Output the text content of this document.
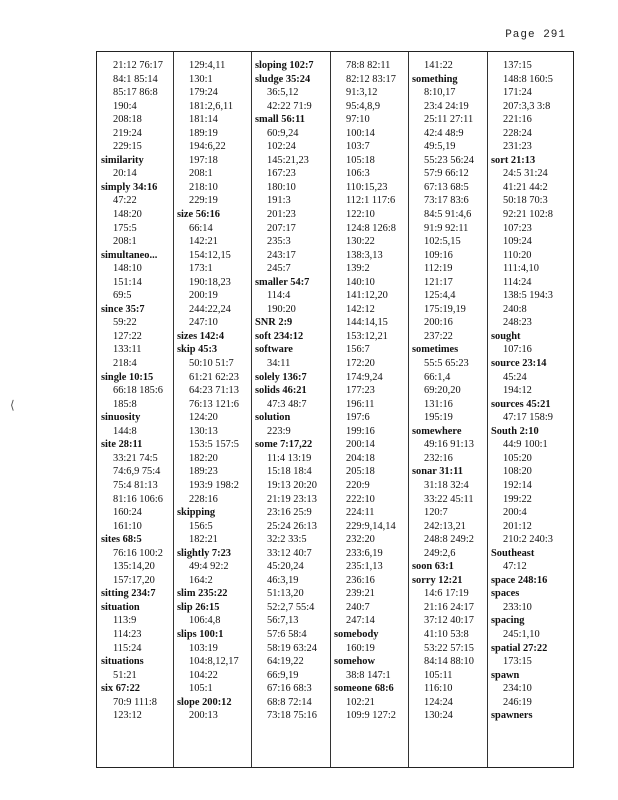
Page 291
⟨
21:12 76:17
84:1 85:14
85:17 86:8
190:4
208:18
219:24
229:15
similarity
20:14
simply 34:16
47:22
148:20
175:5
208:1
simultaneo...
148:10
151:14
69:5
since 35:7
59:22
127:22
133:11
218:4
single 10:15
66:18 185:6
185:8
sinuosity
144:8
site 28:11
33:21 74:5
74:6,9 75:4
75:4 81:13
81:16 106:6
160:24
161:10
sites 68:5
76:16 100:2
135:14,20
157:17,20
sitting 234:7
situation
113:9
114:23
115:24
situations
51:21
six 67:22
70:9 111:8
123:12
129:4,11
130:1
179:24
181:2,6,11
181:14
189:19
194:6,22
197:18
208:1
218:10
229:19
size 56:16
66:14
142:21
154:12,15
173:1
190:18,23
200:19
244:22,24
247:10
sizes 142:4
skip 45:3
50:10 51:7
61:21 62:23
64:23 71:13
76:13 121:6
124:20
130:13
153:5 157:5
182:20
189:23
193:9 198:2
228:16
skipping
156:5
182:21
slightly 7:23
49:4 92:2
164:2
slim 235:22
slip 26:15
106:4,8
slips 100:1
103:19
104:8,12,17
104:22
105:1
slope 200:12
200:13
sloping 102:7
sludge 35:24
36:5,12
42:22 71:9
small 56:11
60:9,24
102:24
145:21,23
167:23
180:10
191:3
201:23
207:17
235:3
243:17
245:7
smaller 54:7
114:4
190:20
SNR 2:9
soft 234:12
software
34:11
solely 136:7
solids 46:21
47:3 48:7
solution
223:9
some 7:17,22
11:4 13:19
15:18 18:4
19:13 20:20
21:19 23:13
23:16 25:9
25:24 26:13
32:2 33:5
33:12 40:7
45:20,24
46:3,19
51:13,20
52:2,7 55:4
56:7,13
57:6 58:4
58:19 63:24
64:19,22
66:9,19
67:16 68:3
68:8 72:14
73:18 75:16
78:8 82:11
82:12 83:17
91:3,12
95:4,8,9
97:10
100:14
103:7
105:18
106:3
110:15,23
112:1 117:6
122:10
124:8 126:8
130:22
138:3,13
139:2
140:10
141:12,20
142:12
144:14,15
153:12,21
156:7
172:20
174:9,24
177:23
196:11
197:6
199:16
200:14
204:18
205:18
220:9
222:10
224:11
229:9,14,14
232:20
233:6,19
235:1,13
236:16
239:21
240:7
247:14
somebody
160:19
somehow
38:8 147:1
someone 68:6
102:21
109:9 127:2
141:22
something
8:10,17
23:4 24:19
25:11 27:11
42:4 48:9
49:5,19
55:23 56:24
57:9 66:12
67:13 68:5
73:17 83:6
84:5 91:4,6
91:9 92:11
102:5,15
109:16
112:19
121:17
125:4,4
175:19,19
200:16
237:22
sometimes
55:5 65:23
66:1,4
69:20,20
131:16
195:19
somewhere
49:16 91:13
232:16
sonar 31:11
31:18 32:4
33:22 45:11
120:7
242:13,21
248:8 249:2
249:2,6
soon 63:1
sorry 12:21
14:6 17:19
21:16 24:17
37:12 40:17
41:10 53:8
53:22 57:15
84:14 88:10
105:11
116:10
124:24
130:24
137:15
148:8 160:5
171:24
207:3,3 3:8
221:16
228:24
231:23
sort 21:13
24:5 31:24
41:21 44:2
50:18 70:3
92:21 102:8
107:23
109:24
110:20
111:4,10
114:24
138:5 194:3
240:8
248:23
sought
107:16
source 23:14
45:24
194:12
sources 45:21
47:17 158:9
South 2:10
44:9 100:1
105:20
108:20
192:14
199:22
200:4
201:12
210:2 240:3
Southeast
47:12
space 248:16
spaces
233:10
spacing
245:1,10
spatial 27:22
173:15
spawn
234:10
246:19
spawners
